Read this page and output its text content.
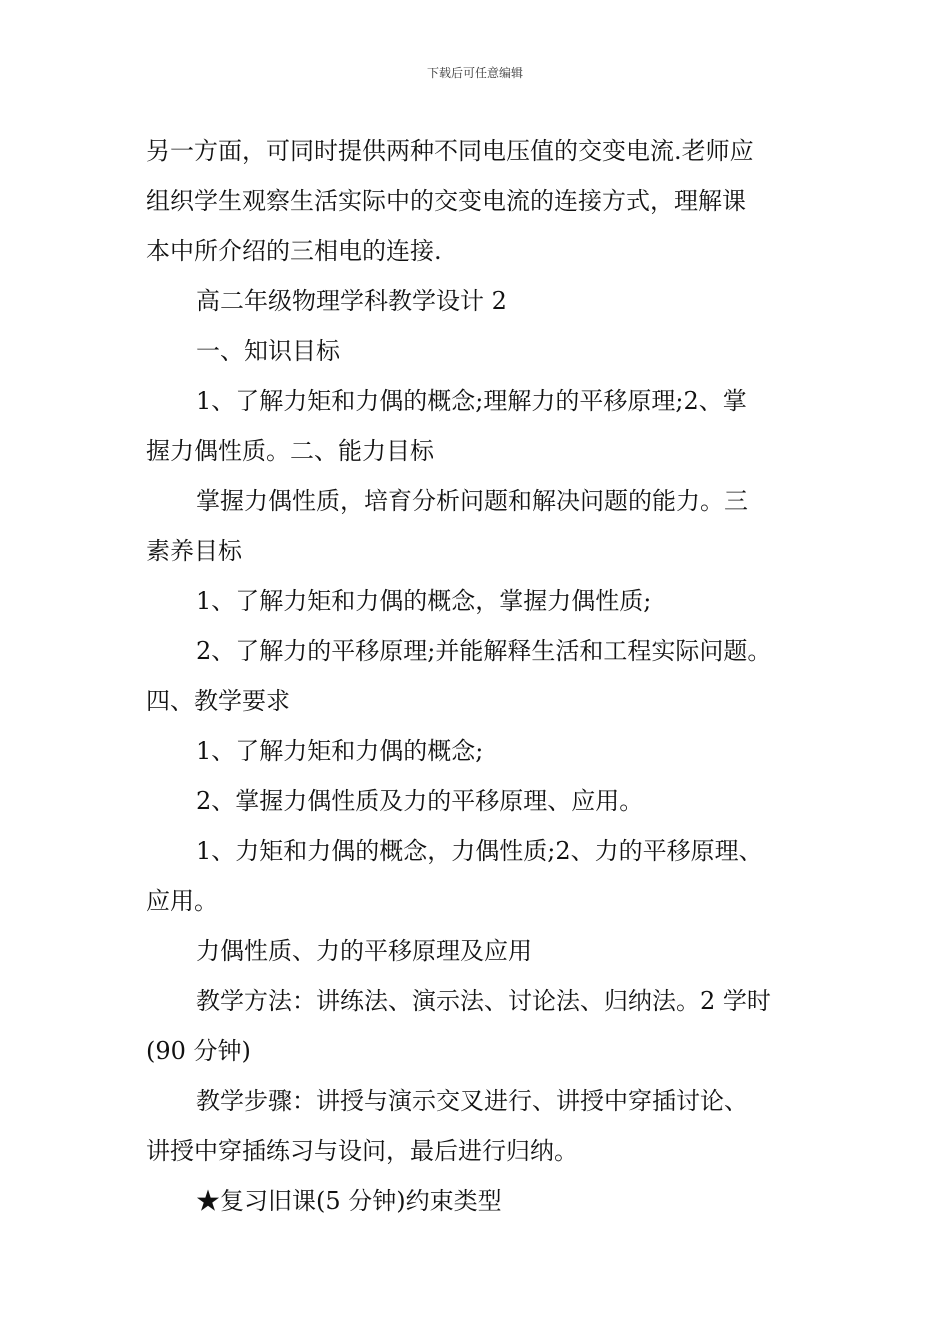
下载后可任意编辑
另一方面，可同时提供两种不同电压值的交变电流.老师应
组织学生观察生活实际中的交变电流的连接方式，理解课
本中所介绍的三相电的连接.
高二年级物理学科教学设计 2
一、知识目标
1、了解力矩和力偶的概念;理解力的平移原理;2、掌
握力偶性质。二、能力目标
掌握力偶性质，培育分析问题和解决问题的能力。三
素养目标
1、了解力矩和力偶的概念，掌握力偶性质;
2、了解力的平移原理;并能解释生活和工程实际问题。
四、教学要求
1、了解力矩和力偶的概念;
2、掌握力偶性质及力的平移原理、应用。
1、力矩和力偶的概念，力偶性质;2、力的平移原理、
应用。
力偶性质、力的平移原理及应用
教学方法：讲练法、演示法、讨论法、归纳法。2 学时
(90 分钟)
教学步骤：讲授与演示交叉进行、讲授中穿插讨论、
讲授中穿插练习与设问，最后进行归纳。
★复习旧课(5 分钟)约束类型
